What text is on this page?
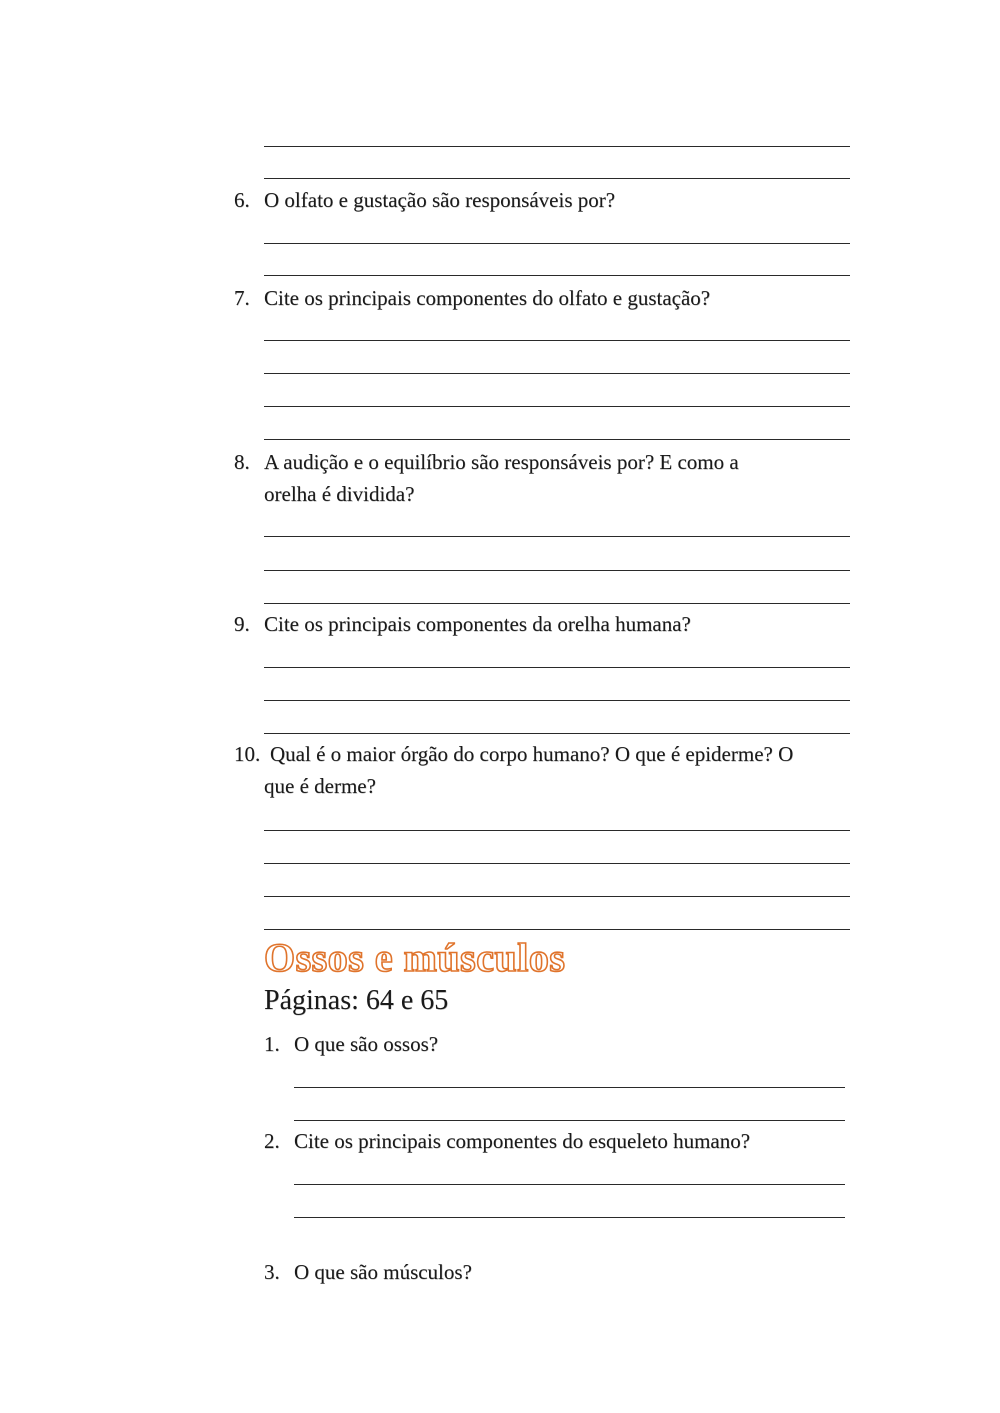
6. O olfato e gustação são responsáveis por?
7. Cite os principais componentes do olfato e gustação?
8. A audição e o equilíbrio são responsáveis por? E como a
orelha é dividida?
9. Cite os principais componentes da orelha humana?
10. Qual é o maior órgão do corpo humano? O que é epiderme? O
que é derme?
Ossos e músculos
Páginas: 64 e 65
1. O que são ossos?
2. Cite os principais componentes do esqueleto humano?
3. O que são músculos?
